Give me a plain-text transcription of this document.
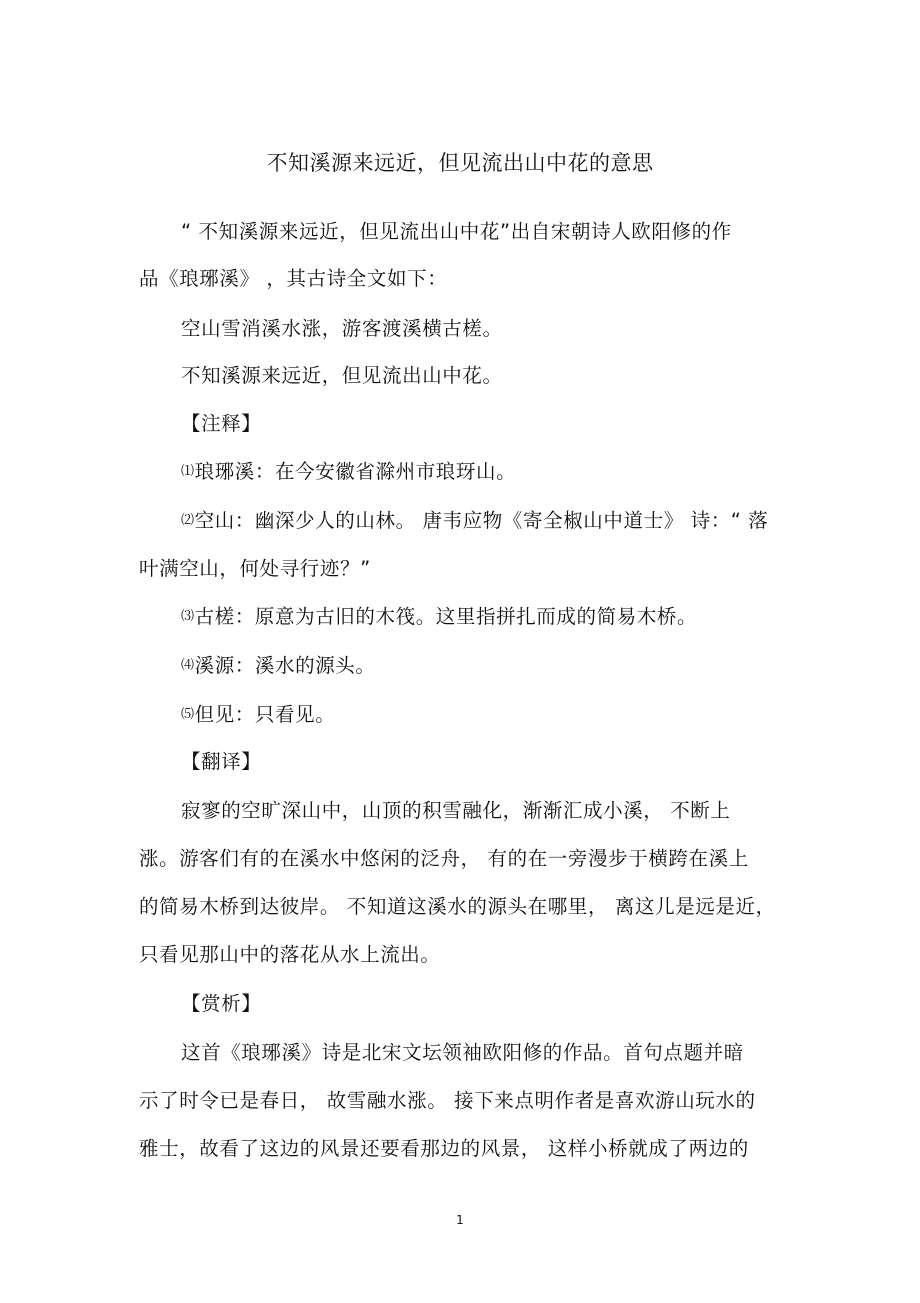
不知溪源来远近，但见流出山中花的意思
“ 不知溪源来远近，但见流出山中花”出自宋朝诗人欧阳修的作
品《琅琊溪》 ，其古诗全文如下：
空山雪消溪水涨，游客渡溪横古槎。
不知溪源来远近，但见流出山中花。
【注释】
⑴琅琊溪：在今安徽省滁州市琅玡山。
⑵空山：幽深少人的山林。 唐韦应物《寄全椒山中道士》 诗：“ 落
叶满空山，何处寻行迹？”
⑶古槎：原意为古旧的木筏。这里指拼扎而成的简易木桥。
⑷溪源：溪水的源头。
⑸但见：只看见。
【翻译】
寂寥的空旷深山中，山顶的积雪融化，渐渐汇成小溪， 不断上
涨。游客们有的在溪水中悠闲的泛舟， 有的在一旁漫步于横跨在溪上
的简易木桥到达彼岸。 不知道这溪水的源头在哪里， 离这儿是远是近，
只看见那山中的落花从水上流出。
【赏析】
这首《琅琊溪》诗是北宋文坛领袖欧阳修的作品。首句点题并暗
示了时令已是春日， 故雪融水涨。 接下来点明作者是喜欢游山玩水的
雅士，故看了这边的风景还要看那边的风景， 这样小桥就成了两边的
1
